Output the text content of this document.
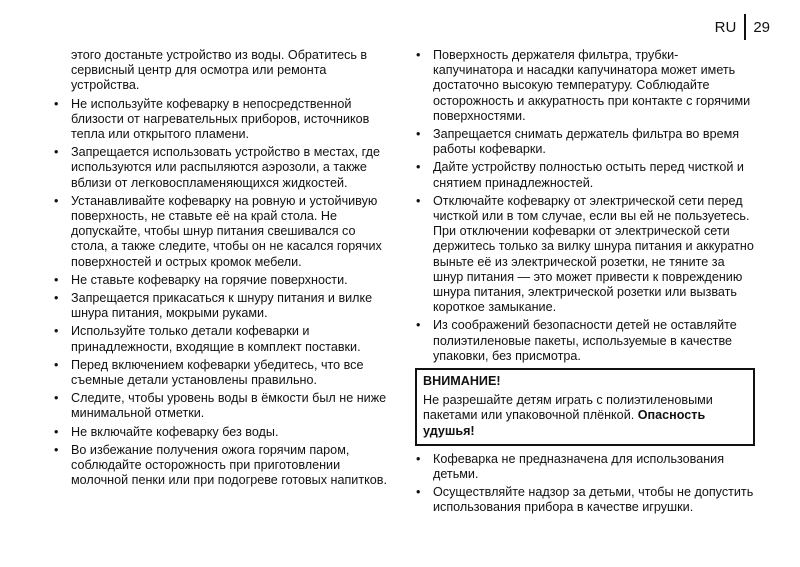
RU	29

этого достаньте устройство из воды. Обратитесь в сервисный центр для осмотра или ремонта устройства.

• Не используйте кофеварку в непосредственной близости от нагревательных приборов, источников тепла или открытого пламени.

• Запрещается использовать устройство в местах, где используются или распыляются аэрозоли, а также вблизи от легковоспламеняющихся жидкостей.

• Устанавливайте кофеварку на ровную и устойчивую поверхность, не ставьте её на край стола. Не допускайте, чтобы шнур питания свешивался со стола, а также следите, чтобы он не касался горячих поверхностей и острых кромок мебели.

• Не ставьте кофеварку на горячие поверхности.

• Запрещается прикасаться к шнуру питания и вилке шнура питания, мокрыми руками.

• Используйте только детали кофеварки и принадлежности, входящие в комплект поставки.

• Перед включением кофеварки убедитесь, что все съемные детали установлены правильно.

• Следите, чтобы уровень воды в ёмкости был не ниже минимальной отметки.

• Не включайте кофеварку без воды.

• Во избежание получения ожога горячим паром, соблюдайте осторожность при приготовлении молочной пенки или при подогреве готовых напитков.

• Поверхность держателя фильтра, трубки-капучинатора и насадки капучинатора может иметь достаточно высокую температуру. Соблюдайте осторожность и аккуратность при контакте с горячими поверхностями.

• Запрещается снимать держатель фильтра во время работы кофеварки.

• Дайте устройству полностью остыть перед чисткой и снятием принадлежностей.

• Отключайте кофеварку от электрической сети перед чисткой или в том случае, если вы ей не пользуетесь. При отключении кофеварки от электрической сети держитесь только за вилку шнура питания и аккуратно выньте её из электрической розетки, не тяните за шнур питания — это может привести к повреждению шнура питания, электрической розетки или вызвать короткое замыкание.

• Из соображений безопасности детей не оставляйте полиэтиленовые пакеты, используемые в качестве упаковки, без присмотра.

ВНИМАНИЕ!
Не разрешайте детям играть с полиэтиленовыми пакетами или упаковочной плёнкой. Опасность удушья!

• Кофеварка не предназначена для использования детьми.

• Осуществляйте надзор за детьми, чтобы не допустить использования прибора в качестве игрушки.
